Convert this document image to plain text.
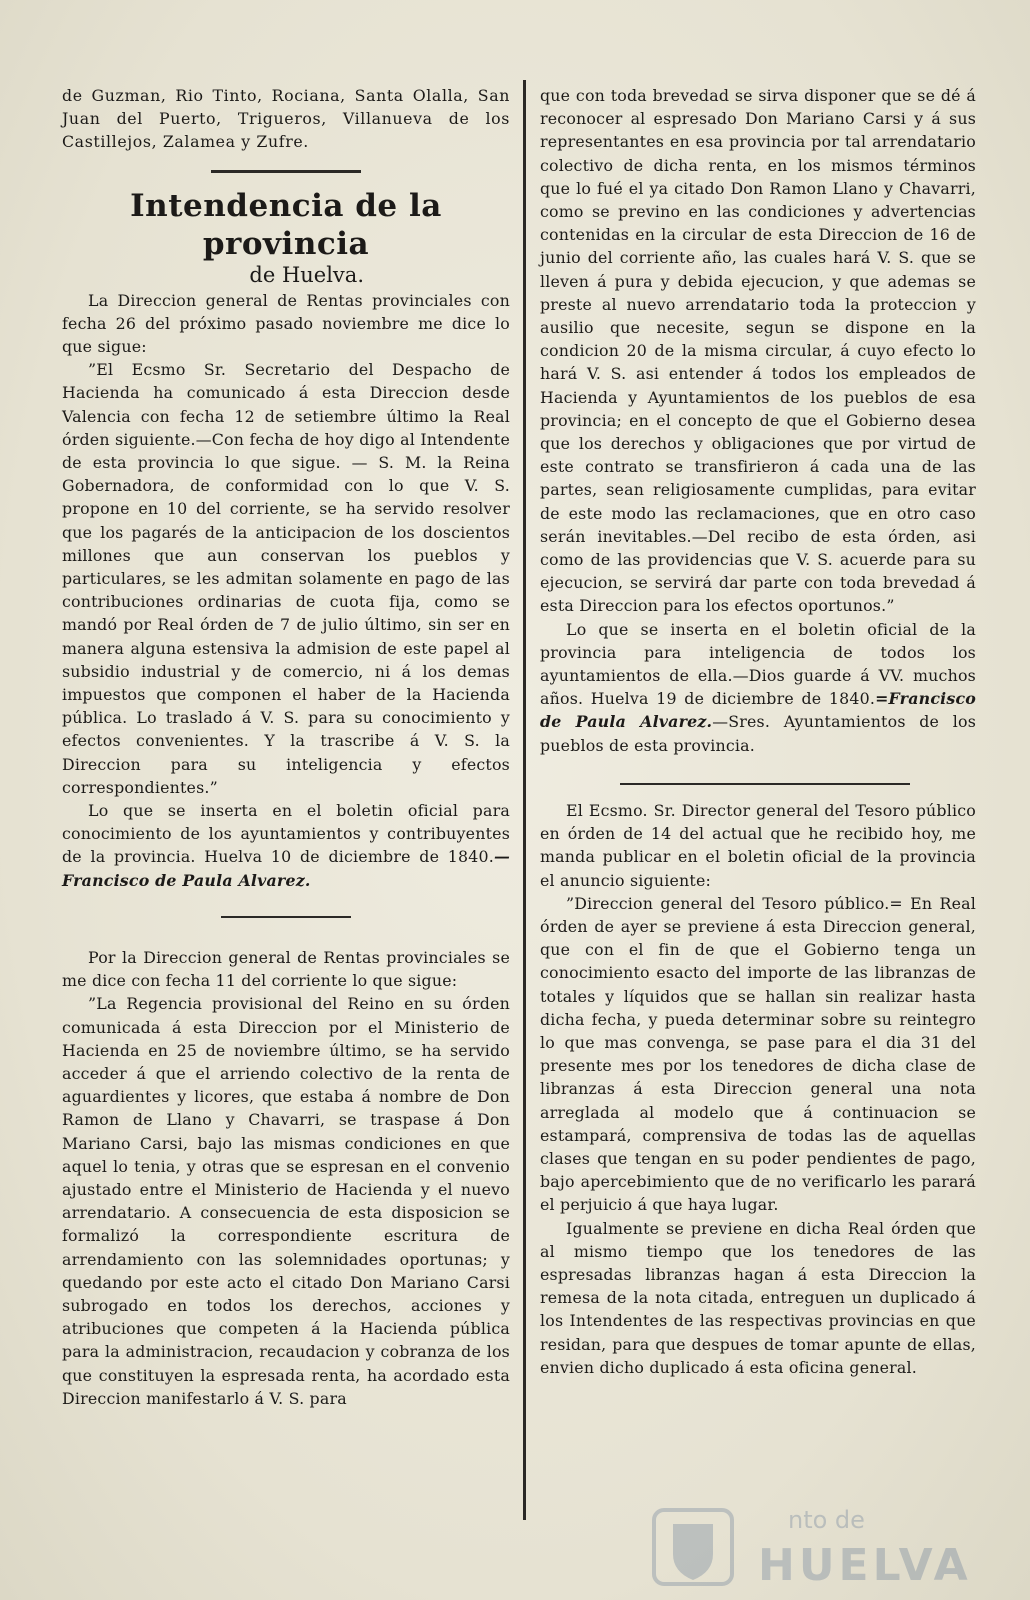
de Guzman, Rio Tinto, Rociana, Santa Olalla, San Juan del Puerto, Trigueros, Villanueva de los Castillejos, Zalamea y Zufre.

Intendencia de la provincia
de Huelva.

La Direccion general de Rentas provinciales con fecha 26 del próximo pasado noviembre me dice lo que sigue:

”El Ecsmo Sr. Secretario del Despacho de Hacienda ha comunicado á esta Direccion desde Valencia con fecha 12 de setiembre último la Real órden siguiente.—Con fecha de hoy digo al Intendente de esta provincia lo que sigue. — S. M. la Reina Gobernadora, de conformidad con lo que V. S. propone en 10 del corriente, se ha servido resolver que los pagarés de la anticipacion de los doscientos millones que aun conservan los pueblos y particulares, se les admitan solamente en pago de las contribuciones ordinarias de cuota fija, como se mandó por Real órden de 7 de julio último, sin ser en manera alguna estensiva la admision de este papel al subsidio industrial y de comercio, ni á los demas impuestos que componen el haber de la Hacienda pública. Lo traslado á V. S. para su conocimiento y efectos convenientes. Y la trascribe á V. S. la Direccion para su inteligencia y efectos correspondientes.”

Lo que se inserta en el boletin oficial para conocimiento de los ayuntamientos y contribuyentes de la provincia. Huelva 10 de diciembre de 1840.—Francisco de Paula Alvarez.

Por la Direccion general de Rentas provinciales se me dice con fecha 11 del corriente lo que sigue:

”La Regencia provisional del Reino en su órden comunicada á esta Direccion por el Ministerio de Hacienda en 25 de noviembre último, se ha servido acceder á que el arriendo colectivo de la renta de aguardientes y licores, que estaba á nombre de Don Ramon de Llano y Chavarri, se traspase á Don Mariano Carsi, bajo las mismas condiciones en que aquel lo tenia, y otras que se espresan en el convenio ajustado entre el Ministerio de Hacienda y el nuevo arrendatario. A consecuencia de esta disposicion se formalizó la correspondiente escritura de arrendamiento con las solemnidades oportunas; y quedando por este acto el citado Don Mariano Carsi subrogado en todos los derechos, acciones y atribuciones que competen á la Hacienda pública para la administracion, recaudacion y cobranza de los que constituyen la espresada renta, ha acordado esta Direccion manifestarlo á V. S. para

que con toda brevedad se sirva disponer que se dé á reconocer al espresado Don Mariano Carsi y á sus representantes en esa provincia por tal arrendatario colectivo de dicha renta, en los mismos términos que lo fué el ya citado Don Ramon Llano y Chavarri, como se previno en las condiciones y advertencias contenidas en la circular de esta Direccion de 16 de junio del corriente año, las cuales hará V. S. que se lleven á pura y debida ejecucion, y que ademas se preste al nuevo arrendatario toda la proteccion y ausilio que necesite, segun se dispone en la condicion 20 de la misma circular, á cuyo efecto lo hará V. S. asi entender á todos los empleados de Hacienda y Ayuntamientos de los pueblos de esa provincia; en el concepto de que el Gobierno desea que los derechos y obligaciones que por virtud de este contrato se transfirieron á cada una de las partes, sean religiosamente cumplidas, para evitar de este modo las reclamaciones, que en otro caso serán inevitables.—Del recibo de esta órden, asi como de las providencias que V. S. acuerde para su ejecucion, se servirá dar parte con toda brevedad á esta Direccion para los efectos oportunos.”

Lo que se inserta en el boletin oficial de la provincia para inteligencia de todos los ayuntamientos de ella.—Dios guarde á VV. muchos años. Huelva 19 de diciembre de 1840.=Francisco de Paula Alvarez.—Sres. Ayuntamientos de los pueblos de esta provincia.

El Ecsmo. Sr. Director general del Tesoro público en órden de 14 del actual que he recibido hoy, me manda publicar en el boletin oficial de la provincia el anuncio siguiente:

”Direccion general del Tesoro público.= En Real órden de ayer se previene á esta Direccion general, que con el fin de que el Gobierno tenga un conocimiento esacto del importe de las libranzas de totales y líquidos que se hallan sin realizar hasta dicha fecha, y pueda determinar sobre su reintegro lo que mas convenga, se pase para el dia 31 del presente mes por los tenedores de dicha clase de libranzas á esta Direccion general una nota arreglada al modelo que á continuacion se estampará, comprensiva de todas las de aquellas clases que tengan en su poder pendientes de pago, bajo apercebimiento que de no verificarlo les parará el perjuicio á que haya lugar.

Igualmente se previene en dicha Real órden que al mismo tiempo que los tenedores de las espresadas libranzas hagan á esta Direccion la remesa de la nota citada, entreguen un duplicado á los Intendentes de las respectivas provincias en que residan, para que despues de tomar apunte de ellas, envien dicho duplicado á esta oficina general.

nto de
HUELVA
